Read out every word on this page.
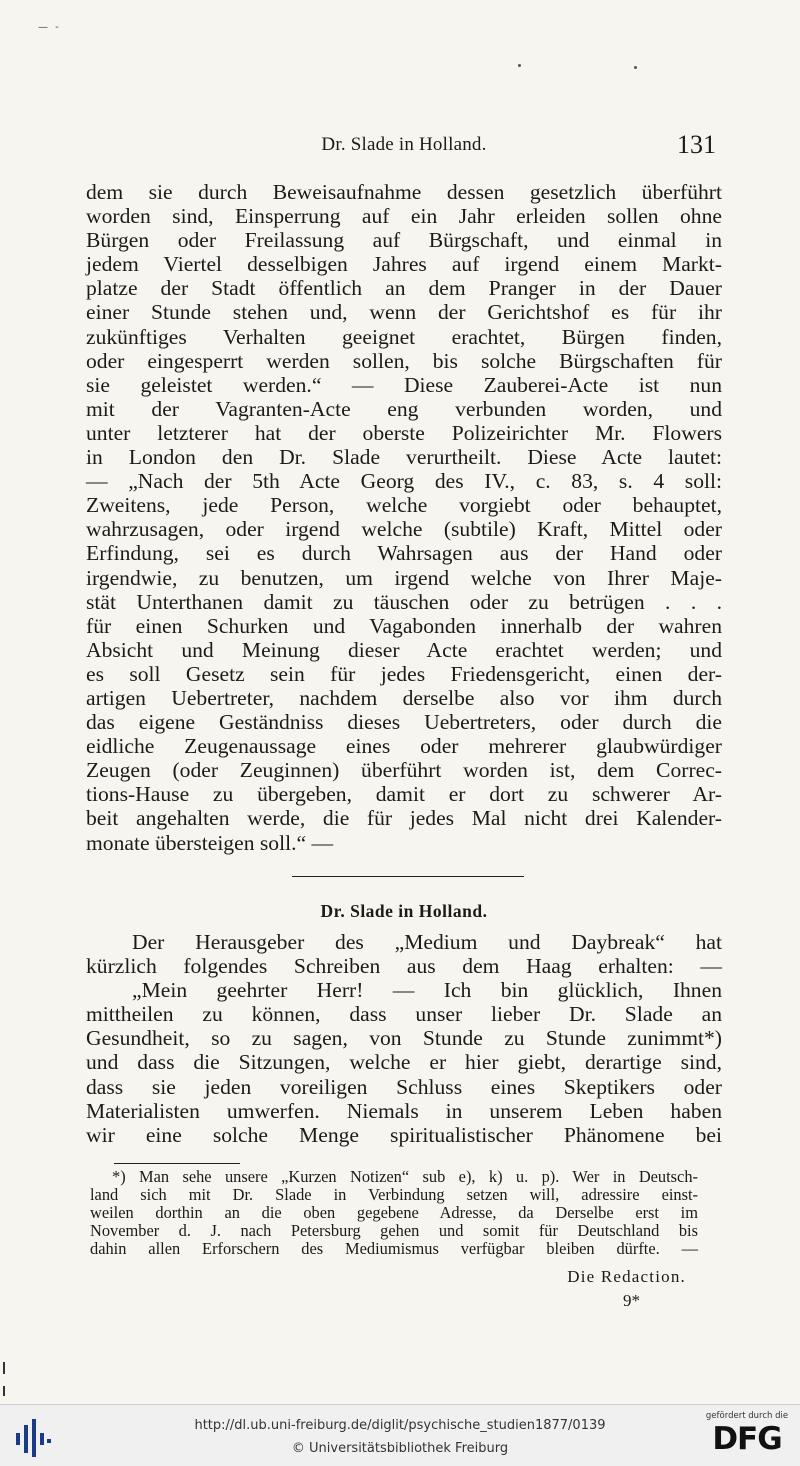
— ‐
Dr. Slade in Holland.	131
dem sie durch Beweisaufnahme dessen gesetzlich überführt
worden sind, Einsperrung auf ein Jahr erleiden sollen ohne
Bürgen oder Freilassung auf Bürgschaft, und einmal in
jedem Viertel desselbigen Jahres auf irgend einem Markt-
platze der Stadt öffentlich an dem Pranger in der Dauer
einer Stunde stehen und, wenn der Gerichtshof es für ihr
zukünftiges Verhalten geeignet erachtet, Bürgen finden,
oder eingesperrt werden sollen, bis solche Bürgschaften für
sie geleistet werden.“ — Diese Zauberei-Acte ist nun
mit der Vagranten-Acte eng verbunden worden, und
unter letzterer hat der oberste Polizeirichter Mr. Flowers
in London den Dr. Slade verurtheilt. Diese Acte lautet:
— „Nach der 5th Acte Georg des IV., c. 83, s. 4 soll:
Zweitens, jede Person, welche vorgiebt oder behauptet,
wahrzusagen, oder irgend welche (subtile) Kraft, Mittel oder
Erfindung, sei es durch Wahrsagen aus der Hand oder
irgendwie, zu benutzen, um irgend welche von Ihrer Maje-
stät Unterthanen damit zu täuschen oder zu betrügen . . .
für einen Schurken und Vagabonden innerhalb der wahren
Absicht und Meinung dieser Acte erachtet werden; und
es soll Gesetz sein für jedes Friedensgericht, einen der-
artigen Uebertreter, nachdem derselbe also vor ihm durch
das eigene Geständniss dieses Uebertreters, oder durch die
eidliche Zeugenaussage eines oder mehrerer glaubwürdiger
Zeugen (oder Zeuginnen) überführt worden ist, dem Correc-
tions-Hause zu übergeben, damit er dort zu schwerer Ar-
beit angehalten werde, die für jedes Mal nicht drei Kalender-
monate übersteigen soll.“ —
Dr. Slade in Holland.
Der Herausgeber des „Medium und Daybreak“ hat
kürzlich folgendes Schreiben aus dem Haag erhalten: —
„Mein geehrter Herr! — Ich bin glücklich, Ihnen
mittheilen zu können, dass unser lieber Dr. Slade an
Gesundheit, so zu sagen, von Stunde zu Stunde zunimmt*)
und dass die Sitzungen, welche er hier giebt, derartige sind,
dass sie jeden voreiligen Schluss eines Skeptikers oder
Materialisten umwerfen. Niemals in unserem Leben haben
wir eine solche Menge spiritualistischer Phänomene bei
*) Man sehe unsere „Kurzen Notizen“ sub e), k) u. p). Wer in Deutsch-
land sich mit Dr. Slade in Verbindung setzen will, adressire einst-
weilen dorthin an die oben gegebene Adresse, da Derselbe erst im
November d. J. nach Petersburg gehen und somit für Deutschland bis
dahin allen Erforschern des Mediumismus verfügbar bleiben dürfte. —
Die Redaction.
9*
http://dl.ub.uni-freiburg.de/diglit/psychische_studien1877/0139
© Universitätsbibliothek Freiburg
gefördert durch die
DFG
